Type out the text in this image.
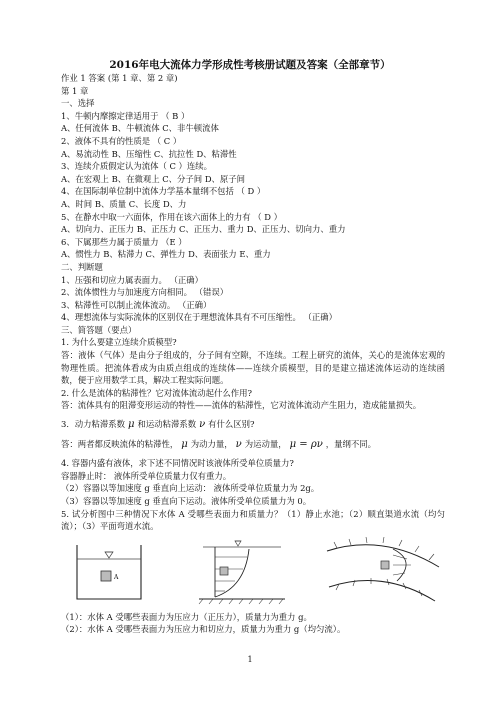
2016年电大流体力学形成性考核册试题及答案（全部章节）
作业 1 答案 (第 1 章、第 2 章)
第 1 章
一、选择
1、牛顿内摩擦定律适用于 （ B ）
A、任何流体 B、牛顿流体 C、非牛顿流体
2、液体不具有的性质是 （ C ）
A、易流动性 B、压缩性 C、抗拉性 D、粘滞性
3、连续介质假定认为流体（ C ）连续。
A、在宏观上 B、在微观上 C、分子间 D、原子间
4、在国际制单位制中流体力学基本量纲不包括 （ D ）
A、时间 B、质量 C、长度 D、力
5、在静水中取一六面体，作用在该六面体上的力有 （ D ）
A、切向力、正压力 B、正压力 C、正压力、重力 D、正压力、切向力、重力
6、下属那些力属于质量力 （E ）
A、惯性力 B、粘滞力 C、弹性力 D、表面张力 E、重力
二、判断题
1、压强和切应力属表面力。 （正确）
2、流体惯性力与加速度方向相同。 （错误）
3、粘滞性可以制止流体流动。 （正确）
4、理想流体与实际流体的区别仅在于理想流体具有不可压缩性。 （正确）
三、简答题（要点）
1. 为什么要建立连续介质模型?
答：液体（气体）是由分子组成的，分子间有空隙，不连续。工程上研究的流体，关心的是流体宏观的物理性质。把流体看成为由质点组成的连续体——连续介质模型，目的是建立描述流体运动的连续函数，便于应用数学工具，解决工程实际问题。
2. 什么是流体的粘滞性？它对流体流动起什么作用?
答：流体具有的阻滞变形运动的特性——流体的粘滞性，它对流体流动产生阻力，造成能量损失。
3．动力粘滞系数 μ 和运动粘滞系数 ν 有什么区别?
答：两者都反映流体的粘滞性， μ 为动力量， ν 为运动量， μ = ρν ，量纲不同。
4. 容器内盛有液体，求下述不同情况时该液体所受单位质量力?
容器静止时： 液体所受单位质量力仅有重力。
（2）容器以等加速度 g 垂直向上运动： 液体所受单位质量力为 2g。
（3）容器以等加速度 g 垂直向下运动。液体所受单位质量力为 0。
5. 试分析图中三种情况下水体 A 受哪些表面力和质量力？（1）静止水池；（2）顺直渠道水流（均匀流）；（3）平面弯道水流。
A
（1）：水体 A 受哪些表面力为压应力（正压力），质量力为重力 g。
（2）：水体 A 受哪些表面力为压应力和切应力，质量力为重力 g（均匀流）。
1
